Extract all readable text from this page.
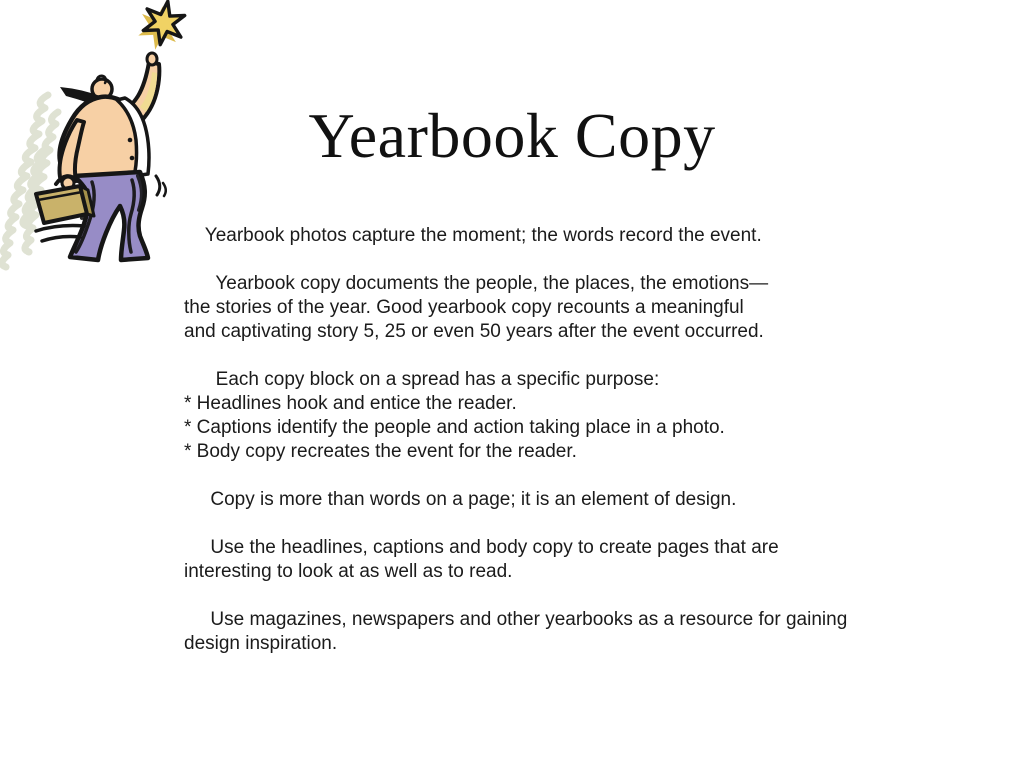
Yearbook Copy
Yearbook photos capture the moment; the words record the event.
Yearbook copy documents the people, the places, the emotions—
the stories of the year. Good yearbook copy recounts a meaningful
and captivating story 5, 25 or even 50 years after the event occurred.
Each copy block on a spread has a specific purpose:
* Headlines hook and entice the reader.
* Captions identify the people and action taking place in a photo.
* Body copy recreates the event for the reader.
Copy is more than words on a page; it is an element of design.
Use the headlines, captions and body copy to create pages that are
interesting to look at as well as to read.
Use magazines, newspapers and other yearbooks as a resource for gaining
design inspiration.
